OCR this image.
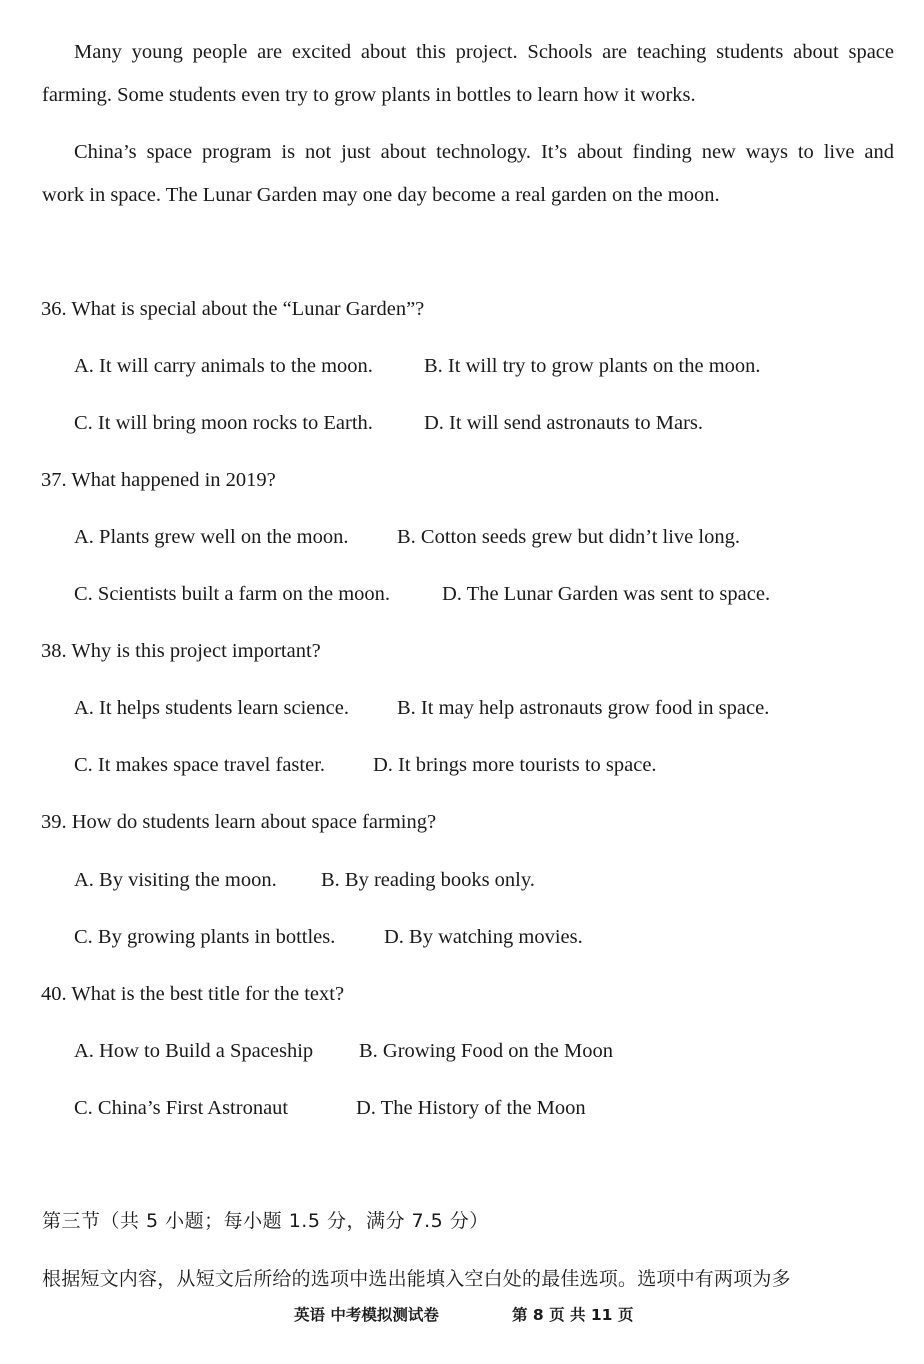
Many young people are excited about this project. Schools are teaching students about space
farming. Some students even try to grow plants in bottles to learn how it works.
China’s space program is not just about technology. It’s about finding new ways to live and
work in space. The Lunar Garden may one day become a real garden on the moon.
36. What is special about the “Lunar Garden”?
A. It will carry animals to the moon. B. It will try to grow plants on the moon.
C. It will bring moon rocks to Earth. D. It will send astronauts to Mars.
37. What happened in 2019?
A. Plants grew well on the moon. B. Cotton seeds grew but didn’t live long.
C. Scientists built a farm on the moon.	D. The Lunar Garden was sent to space.
38. Why is this project important?
A. It helps students learn science. B. It may help astronauts grow food in space.
C. It makes space travel faster. D. It brings more tourists to space.
39. How do students learn about space farming?
A. By visiting the moon. B. By reading books only.
C. By growing plants in bottles. D. By watching movies.
40. What is the best title for the text?
A. How to Build a Spaceship B. Growing Food on the Moon
C. China’s First Astronaut	D. The History of the Moon
第三节（共 5 小题；每小题 1.5 分，满分 7.5 分）
根据短文内容，从短文后所给的选项中选出能填入空白处的最佳选项。选项中有两项为多
英语 中考模拟测试卷	第 8 页 共 11 页
